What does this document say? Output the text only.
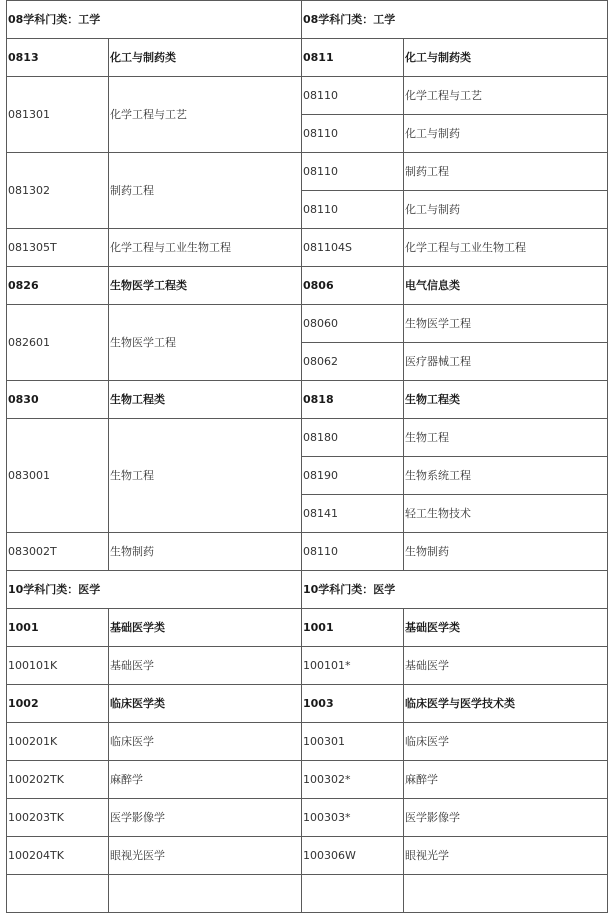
08学科门类：工学		08学科门类：工学	
0813	化工与制药类	0811	化工与制药类
081301	化学工程与工艺	08110	化学工程与工艺
		08110	化工与制药
081302	制药工程	08110	制药工程
		08110	化工与制药
081305T	化学工程与工业生物工程	081104S	化学工程与工业生物工程
0826	生物医学工程类	0806	电气信息类
082601	生物医学工程	08060	生物医学工程
		08062	医疗器械工程
0830	生物工程类	0818	生物工程类
083001	生物工程	08180	生物工程
		08190	生物系统工程
		08141	轻工生物技术
083002T	生物制药	08110	生物制药
10学科门类：医学		10学科门类：医学	
1001	基础医学类	1001	基础医学类
100101K	基础医学	100101*	基础医学
1002	临床医学类	1003	临床医学与医学技术类
100201K	临床医学	100301	临床医学
100202TK	麻醉学	100302*	麻醉学
100203TK	医学影像学	100303*	医学影像学
100204TK	眼视光医学	100306W	眼视光学
